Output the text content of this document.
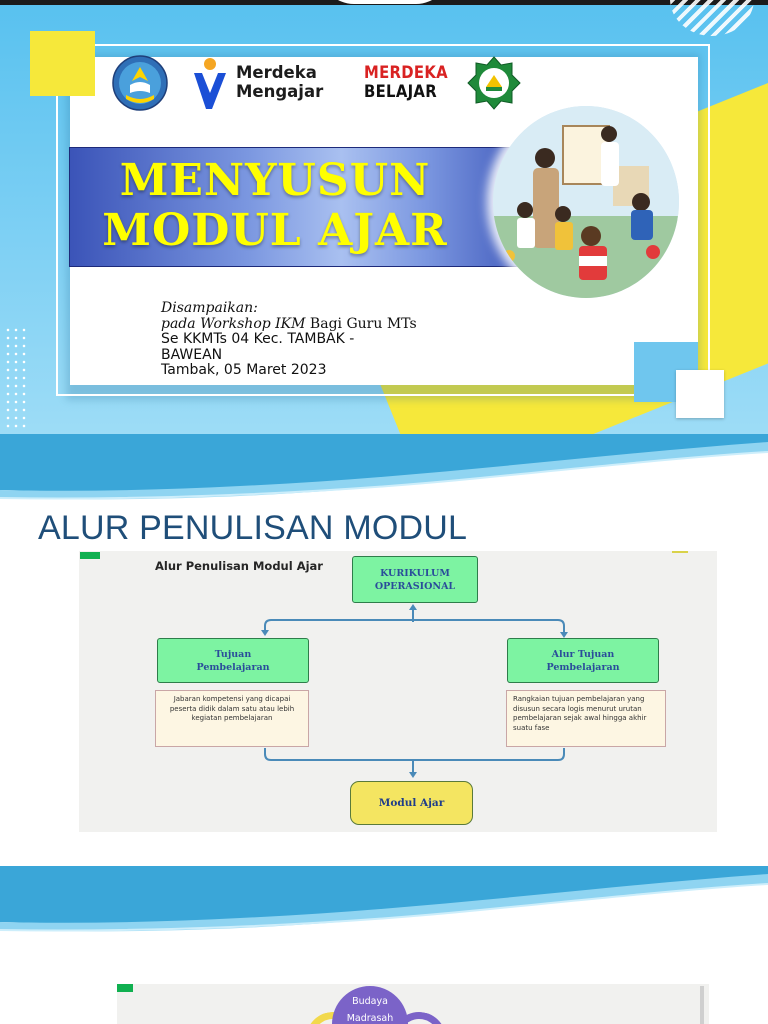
Merdeka
Mengajar
MERDEKA
BELAJAR
MENYUSUN
MODUL AJAR
Disampaikan:
pada Workshop IKM Bagi Guru MTs
Se KKMTs 04 Kec. TAMBAK -
BAWEAN
Tambak, 05 Maret 2023
ALUR PENULISAN MODUL
Alur Penulisan Modul Ajar	KURIKULUM
OPERASIONAL
Tujuan
Pembelajaran
Jabaran kompetensi yang dicapai peserta didik dalam satu atau lebih kegiatan pembelajaran
Alur Tujuan
Pembelajaran
Rangkaian tujuan pembelajaran yang disusun secara logis menurut urutan pembelajaran sejak awal hingga akhir suatu fase
Modul Ajar
Budaya
Madrasah
